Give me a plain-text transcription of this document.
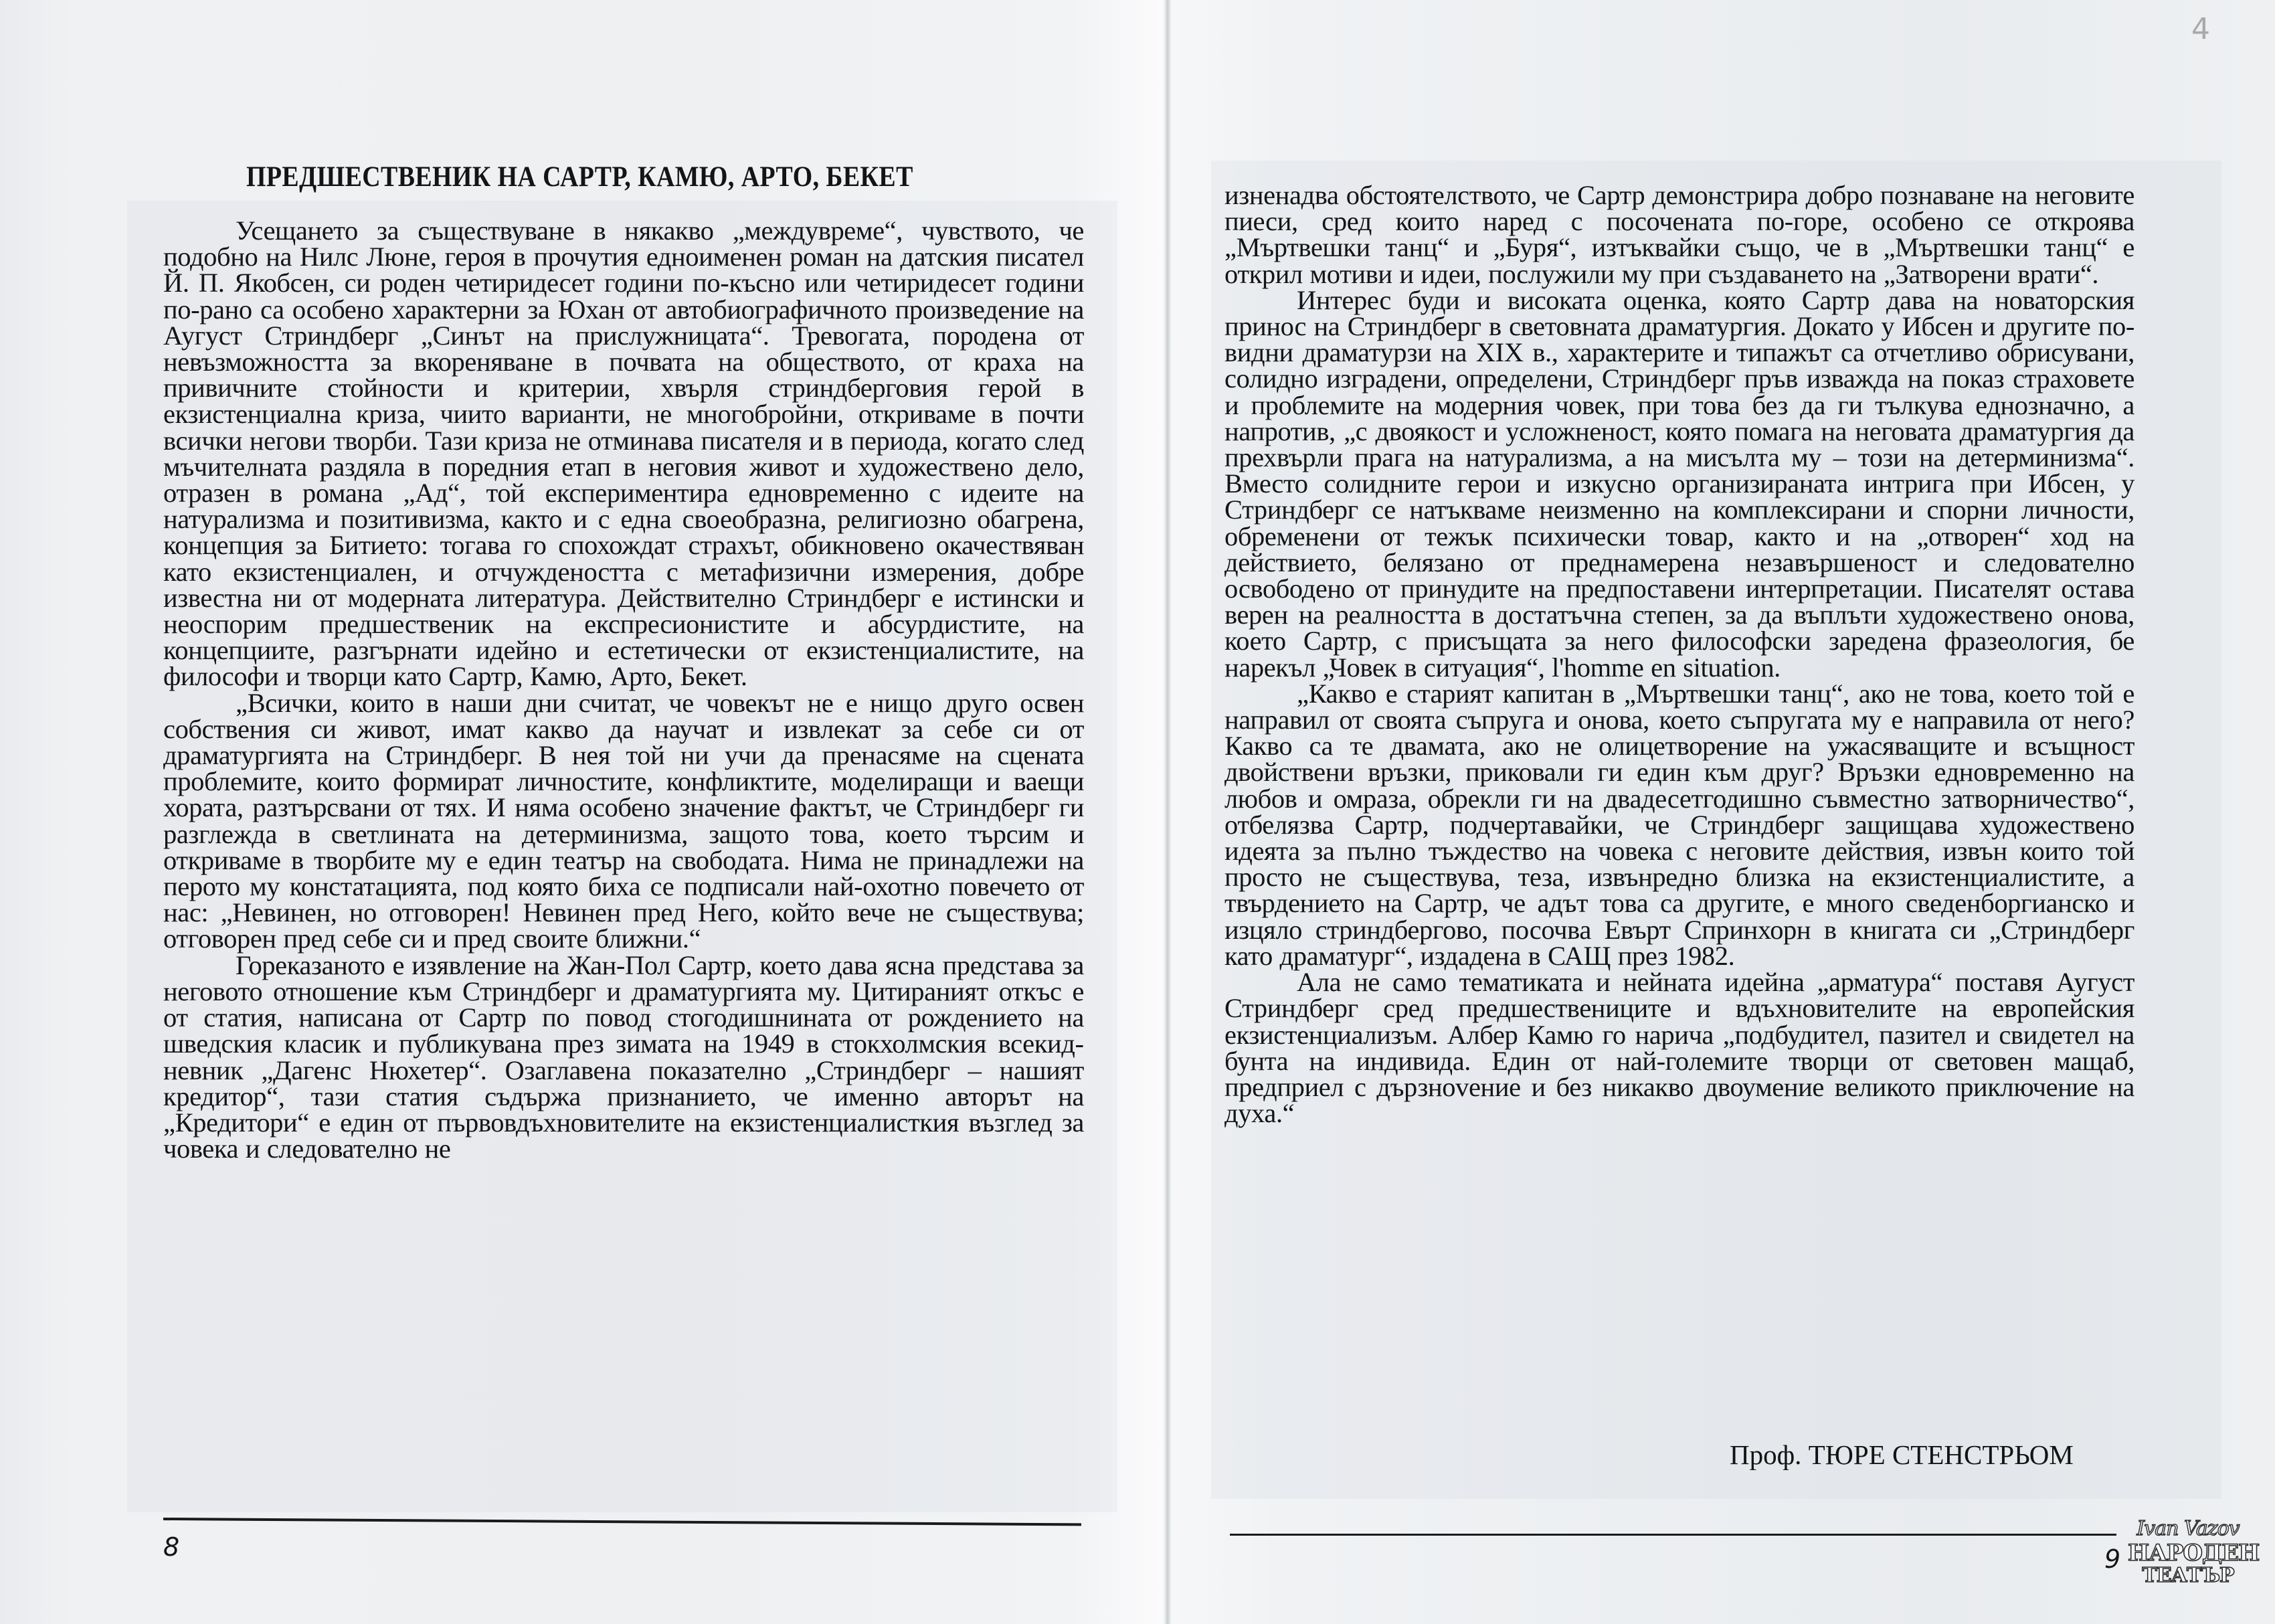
ПРЕДШЕСТВЕНИК НА САРТР, КАМЮ, АРТО, БЕКЕТ

Усещането за съществуване в някакво „междувреме“, чувството, че подобно на Нилс Люне, героя в прочутия едноименен роман на датския писател Й. П. Якобсен, си роден четиридесет години по-късно или четиридесет години по-рано са особено характерни за Юхан от автобиографичното произведение на Аугуст Стриндберг „Синът на прислужницата“. Тревогата, породена от невъзможността за вкореняване в почвата на обществото, от краха на привичните стойности и критерии, хвърля стриндберговия герой в екзистенциална криза, чиито варианти, не многобройни, откриваме в почти всички негови творби. Тази криза не отминава писателя и в периода, когато след мъчителната раздяла в поредния етап в неговия живот и художествено дело, отразен в романа „Ад“, той експериментира едновременно с идеите на натурализма и позитивизма, както и с една своеобразна, религиозно обагрена, концепция за Битието: тогава го спохождат страхът, обикновено окачествяван като екзистенциален, и отчуждеността с метафизични измерения, добре известна ни от модерната литература. Действително Стриндберг е истински и неоспорим предшественик на експресионистите и абсурдистите, на концепциите, разгърнати идейно и естетически от екзистенциалистите, на философи и творци като Сартр, Камю, Арто, Бекет.

„Всички, които в наши дни считат, че човекът не е нищо друго освен собствения си живот, имат какво да научат и извлекат за себе си от драматургията на Стриндберг. В нея той ни учи да пренасяме на сцената проблемите, които формират личностите, конфликтите, моделиращи и ваещи хората, разтърсвани от тях. И няма особено значение фактът, че Стриндберг ги разглежда в светлината на детерминизма, защото това, което търсим и откриваме в творбите му е един театър на свободата. Нима не принадлежи на перото му констатацията, под която биха се подписали най-охотно повечето от нас: „Невинен, но отговорен! Невинен пред Него, който вече не съществува; отговорен пред себе си и пред своите ближни.“

Гореказаното е изявление на Жан-Пол Сартр, което дава ясна представа за неговото отношение към Стриндберг и драматургията му. Цитираният откъс е от статия, написана от Сартр по повод стогодишнината от рождението на шведския класик и публикувана през зимата на 1949 в стокхолмския всекидневник „Дагенс Нюхетер“. Озаглавена показателно „Стриндберг – нашият кредитор“, тази статия съдържа признанието, че именно авторът на „Кредитори“ е един от първовдъхновителите на екзистенциалисткия възглед за човека и следователно не

8
4

изненадва обстоятелството, че Сартр демонстрира добро познаване на неговите пиеси, сред които наред с посочената по-горе, особено се откроява „Мъртвешки танц“ и „Буря“, изтъквайки също, че в „Мъртвешки танц“ е открил мотиви и идеи, послужили му при създаването на „Затворени врати“.

Интерес буди и високата оценка, която Сартр дава на новаторския принос на Стриндберг в световната драматургия. Докато у Ибсен и другите по-видни драматурзи на XIX в., характерите и типажът са отчетливо обрисувани, солидно изградени, определени, Стриндберг пръв изважда на показ страховете и проблемите на модерния човек, при това без да ги тълкува еднозначно, а напротив, „с двоякост и усложненост, която помага на неговата драматургия да прехвърли прага на натурализма, а на мисълта му – този на детерминизма“. Вместо солидните герои и изкусно организираната интрига при Ибсен, у Стриндберг се натъкваме неизменно на комплексирани и спорни личности, обременени от тежък психически товар, както и на „отворен“ ход на действието, белязано от преднамерена незавършеност и следователно освободено от принудите на предпоставени интерпретации. Писателят остава верен на реалността в достатъчна степен, за да въплъти художествено онова, което Сартр, с присъщата за него философски заредена фразеология, бе нарекъл „Човек в ситуация“, l'homme en situation.

„Какво е старият капитан в „Мъртвешки танц“, ако не това, което той е направил от своята съпруга и онова, което съпругата му е направила от него? Какво са те двамата, ако не олицетворение на ужасяващите и всъщност двойствени връзки, приковали ги един към друг? Връзки едновременно на любов и омраза, обрекли ги на двадесетгодишно съвместно затворничество“, отбелязва Сартр, подчертавайки, че Стриндберг защищава художествено идеята за пълно тъждество на човека с неговите действия, извън които той просто не съществува, теза, извънредно близка на екзистенциалистите, а твърдението на Сартр, че адът това са другите, е много сведенборгианско и изцяло стриндбергово, посочва Евърт Спринхорн в книгата си „Стриндберг като драматург“, издадена в САЩ през 1982.

Ала не само тематиката и нейната идейна „арматура“ поставя Аугуст Стриндберг сред предшествениците и вдъхновителите на европейския екзистенциализъм. Албер Камю го нарича „подбудител, пазител и свидетел на бунта на индивида. Един от най-големите творци от световен мащаб, предприел с дързноvение и без никакво двоумение великото приключение на духа.“

Проф. ТЮРЕ СТЕНСТРЬОМ
9
Ivan Vazov
НАРОДЕН
ТЕАТЪР
